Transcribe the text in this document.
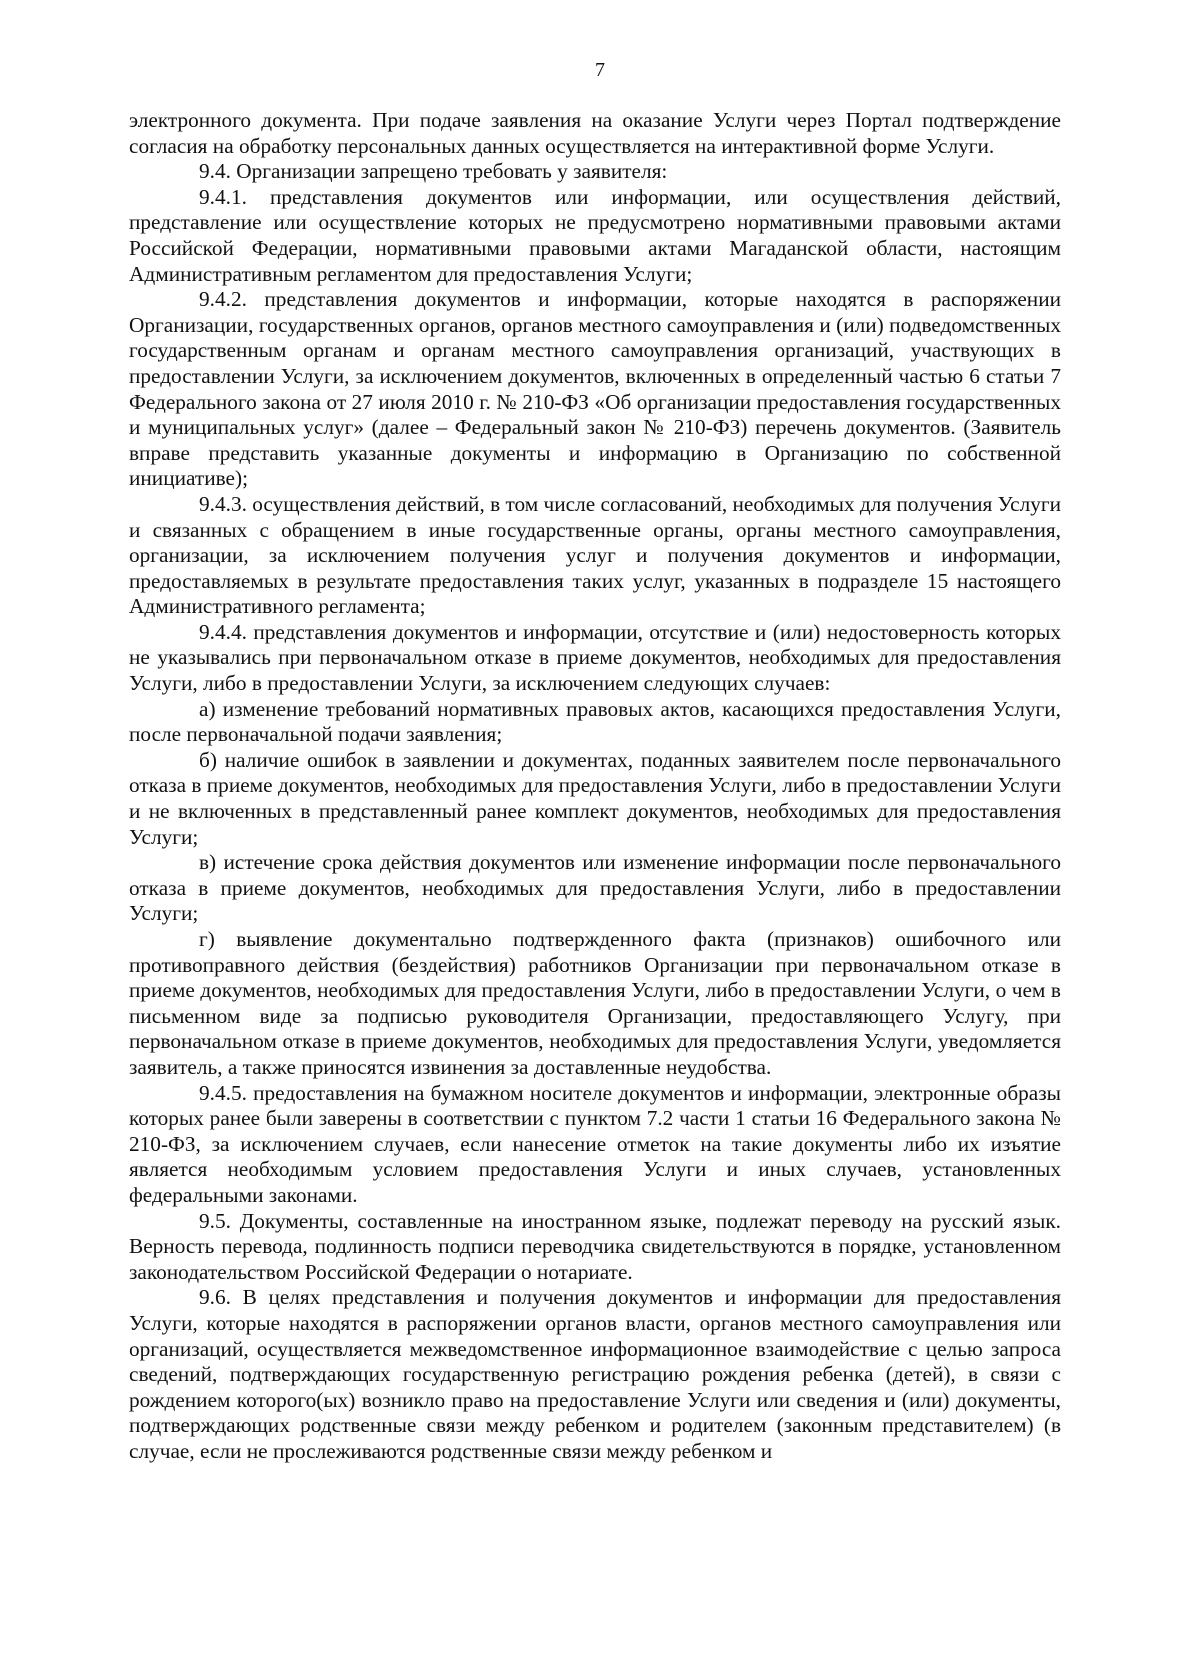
7

электронного документа. При подаче заявления на оказание Услуги через Портал подтверждение согласия на обработку персональных данных осуществляется на интерактивной форме Услуги.

9.4. Организации запрещено требовать у заявителя:

9.4.1. представления документов или информации, или осуществления действий, представление или осуществление которых не предусмотрено нормативными правовыми актами Российской Федерации, нормативными правовыми актами Магаданской области, настоящим Административным регламентом для предоставления Услуги;

9.4.2. представления документов и информации, которые находятся в распоряжении Организации, государственных органов, органов местного самоуправления и (или) подведомственных государственным органам и органам местного самоуправления организаций, участвующих в предоставлении Услуги, за исключением документов, включенных в определенный частью 6 статьи 7 Федерального закона от 27 июля 2010 г. № 210-ФЗ «Об организации предоставления государственных и муниципальных услуг» (далее – Федеральный закон № 210-ФЗ) перечень документов. (Заявитель вправе представить указанные документы и информацию в Организацию по собственной инициативе);

9.4.3. осуществления действий, в том числе согласований, необходимых для получения Услуги и связанных с обращением в иные государственные органы, органы местного самоуправления, организации, за исключением получения услуг и получения документов и информации, предоставляемых в результате предоставления таких услуг, указанных в подразделе 15 настоящего Административного регламента;

9.4.4. представления документов и информации, отсутствие и (или) недостоверность которых не указывались при первоначальном отказе в приеме документов, необходимых для предоставления Услуги, либо в предоставлении Услуги, за исключением следующих случаев:

а) изменение требований нормативных правовых актов, касающихся предоставления Услуги, после первоначальной подачи заявления;

б) наличие ошибок в заявлении и документах, поданных заявителем после первоначального отказа в приеме документов, необходимых для предоставления Услуги, либо в предоставлении Услуги и не включенных в представленный ранее комплект документов, необходимых для предоставления Услуги;

в) истечение срока действия документов или изменение информации после первоначального отказа в приеме документов, необходимых для предоставления Услуги, либо в предоставлении Услуги;

г) выявление документально подтвержденного факта (признаков) ошибочного или противоправного действия (бездействия) работников Организации при первоначальном отказе в приеме документов, необходимых для предоставления Услуги, либо в предоставлении Услуги, о чем в письменном виде за подписью руководителя Организации, предоставляющего Услугу, при первоначальном отказе в приеме документов, необходимых для предоставления Услуги, уведомляется заявитель, а также приносятся извинения за доставленные неудобства.

9.4.5. предоставления на бумажном носителе документов и информации, электронные образы которых ранее были заверены в соответствии с пунктом 7.2 части 1 статьи 16 Федерального закона № 210-ФЗ, за исключением случаев, если нанесение отметок на такие документы либо их изъятие является необходимым условием предоставления Услуги и иных случаев, установленных федеральными законами.

9.5. Документы, составленные на иностранном языке, подлежат переводу на русский язык. Верность перевода, подлинность подписи переводчика свидетельствуются в порядке, установленном законодательством Российской Федерации о нотариате.

9.6. В целях представления и получения документов и информации для предоставления Услуги, которые находятся в распоряжении органов власти, органов местного самоуправления или организаций, осуществляется межведомственное информационное взаимодействие с целью запроса сведений, подтверждающих государственную регистрацию рождения ребенка (детей), в связи с рождением которого(ых) возникло право на предоставление Услуги или сведения и (или) документы, подтверждающих родственные связи между ребенком и родителем (законным представителем) (в случае, если не прослеживаются родственные связи между ребенком и
